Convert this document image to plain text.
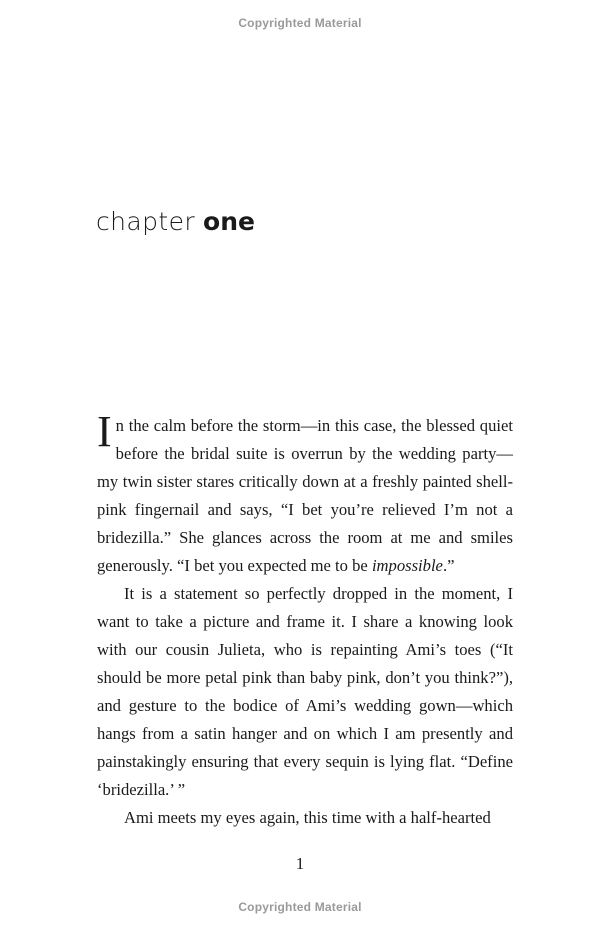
Copyrighted Material
chapter one

In the calm before the storm—in this case, the blessed quiet before the bridal suite is overrun by the wedding party—my twin sister stares critically down at a freshly painted shell-pink fingernail and says, “I bet you’re relieved I’m not a bridezilla.” She glances across the room at me and smiles generously. “I bet you expected me to be impossible.”

It is a statement so perfectly dropped in the moment, I want to take a picture and frame it. I share a knowing look with our cousin Julieta, who is repainting Ami’s toes (“It should be more petal pink than baby pink, don’t you think?”), and gesture to the bodice of Ami’s wedding gown—which hangs from a satin hanger and on which I am presently and painstakingly ensuring that every sequin is lying flat. “Define ‘bridezilla.’ ”

Ami meets my eyes again, this time with a half-hearted

1
Copyrighted Material
